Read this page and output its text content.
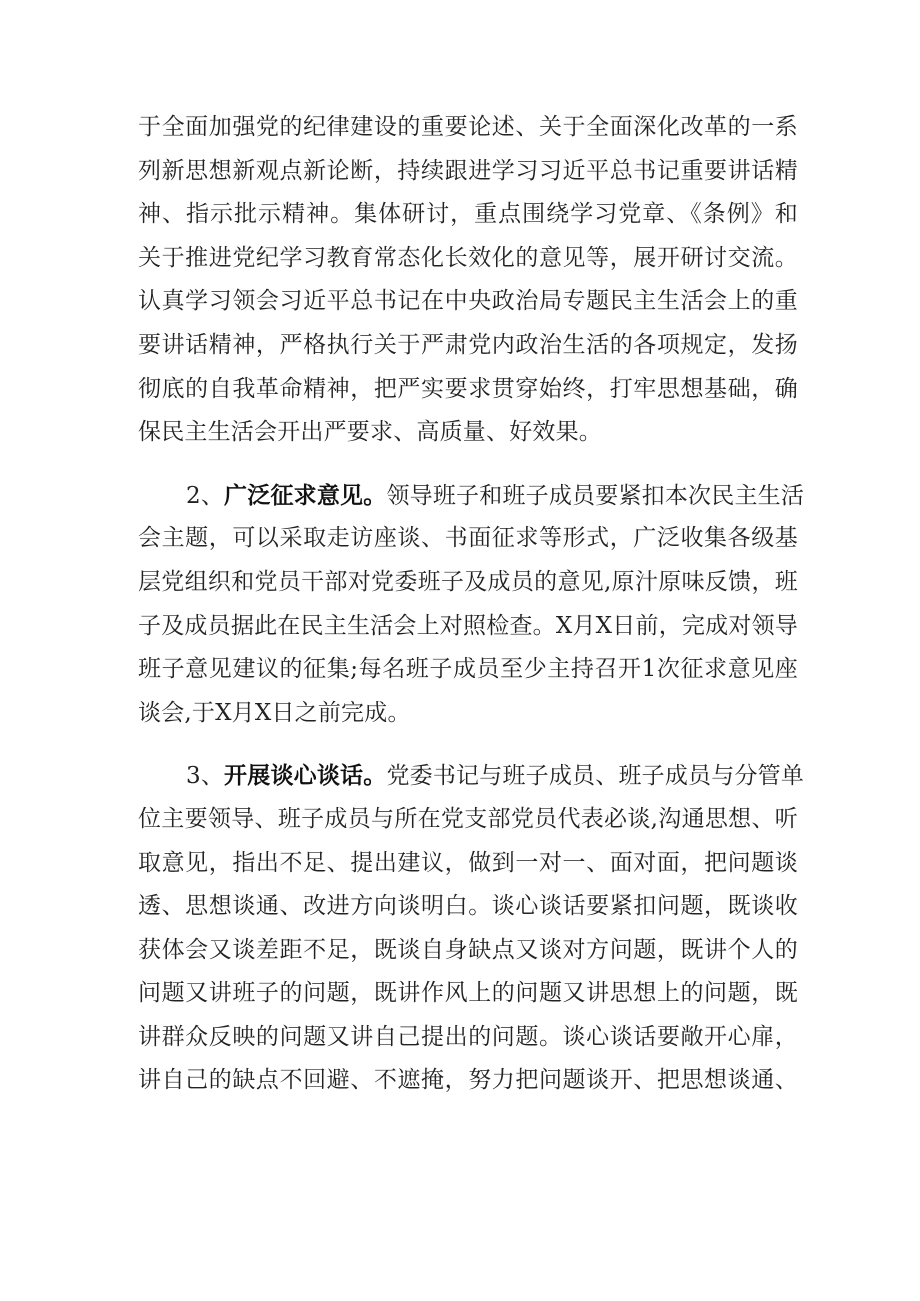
于全面加强党的纪律建设的重要论述、关于全面深化改革的一系
列新思想新观点新论断，持续跟进学习习近平总书记重要讲话精
神、指示批示精神。集体研讨，重点围绕学习党章、《条例》和
关于推进党纪学习教育常态化长效化的意见等，展开研讨交流。
认真学习领会习近平总书记在中央政治局专题民主生活会上的重
要讲话精神，严格执行关于严肃党内政治生活的各项规定，发扬
彻底的自我革命精神，把严实要求贯穿始终，打牢思想基础，确
保民主生活会开出严要求、高质量、好效果。
2、广泛征求意见。领导班子和班子成员要紧扣本次民主生活
会主题，可以采取走访座谈、书面征求等形式，广泛收集各级基
层党组织和党员干部对党委班子及成员的意见,原汁原味反馈，班
子及成员据此在民主生活会上对照检查。X月X日前，完成对领导
班子意见建议的征集;每名班子成员至少主持召开1次征求意见座
谈会,于X月X日之前完成。
3、开展谈心谈话。党委书记与班子成员、班子成员与分管单
位主要领导、班子成员与所在党支部党员代表必谈,沟通思想、听
取意见，指出不足、提出建议，做到一对一、面对面，把问题谈
透、思想谈通、改进方向谈明白。谈心谈话要紧扣问题，既谈收
获体会又谈差距不足，既谈自身缺点又谈对方问题，既讲个人的
问题又讲班子的问题，既讲作风上的问题又讲思想上的问题，既
讲群众反映的问题又讲自己提出的问题。谈心谈话要敞开心扉，
讲自己的缺点不回避、不遮掩，努力把问题谈开、把思想谈通、
